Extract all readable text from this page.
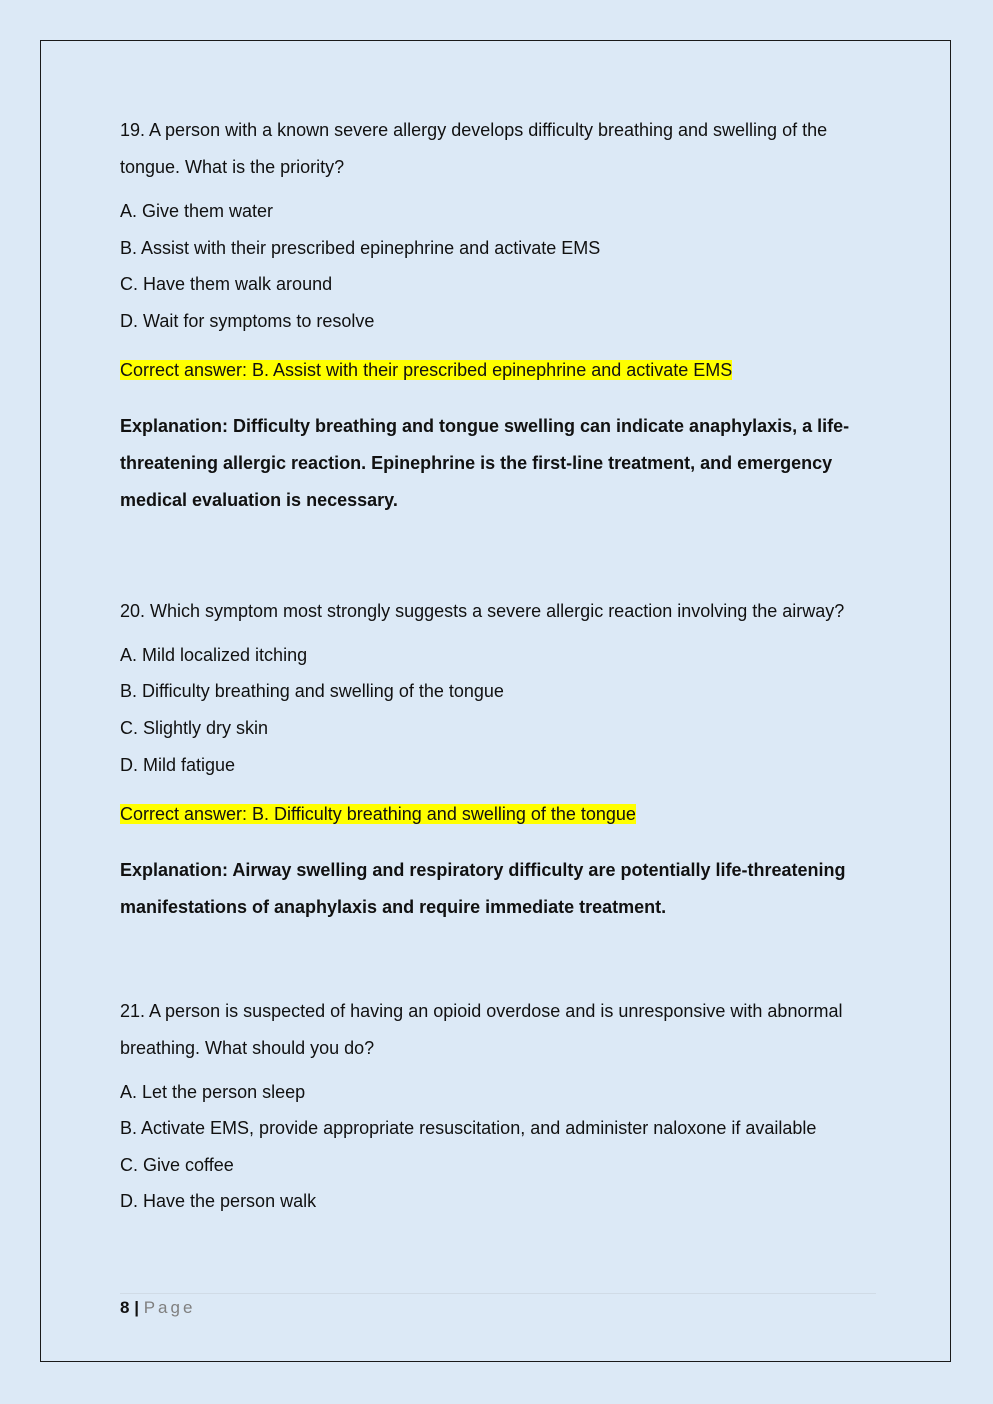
19. A person with a known severe allergy develops difficulty breathing and swelling of the tongue. What is the priority?

A. Give them water

B. Assist with their prescribed epinephrine and activate EMS

C. Have them walk around

D. Wait for symptoms to resolve

Correct answer: B. Assist with their prescribed epinephrine and activate EMS

Explanation: Difficulty breathing and tongue swelling can indicate anaphylaxis, a life-threatening allergic reaction. Epinephrine is the first-line treatment, and emergency medical evaluation is necessary.

20. Which symptom most strongly suggests a severe allergic reaction involving the airway?

A. Mild localized itching

B. Difficulty breathing and swelling of the tongue

C. Slightly dry skin

D. Mild fatigue

Correct answer: B. Difficulty breathing and swelling of the tongue

Explanation: Airway swelling and respiratory difficulty are potentially life-threatening manifestations of anaphylaxis and require immediate treatment.

21. A person is suspected of having an opioid overdose and is unresponsive with abnormal breathing. What should you do?

A. Let the person sleep

B. Activate EMS, provide appropriate resuscitation, and administer naloxone if available

C. Give coffee

D. Have the person walk

8 | Page
